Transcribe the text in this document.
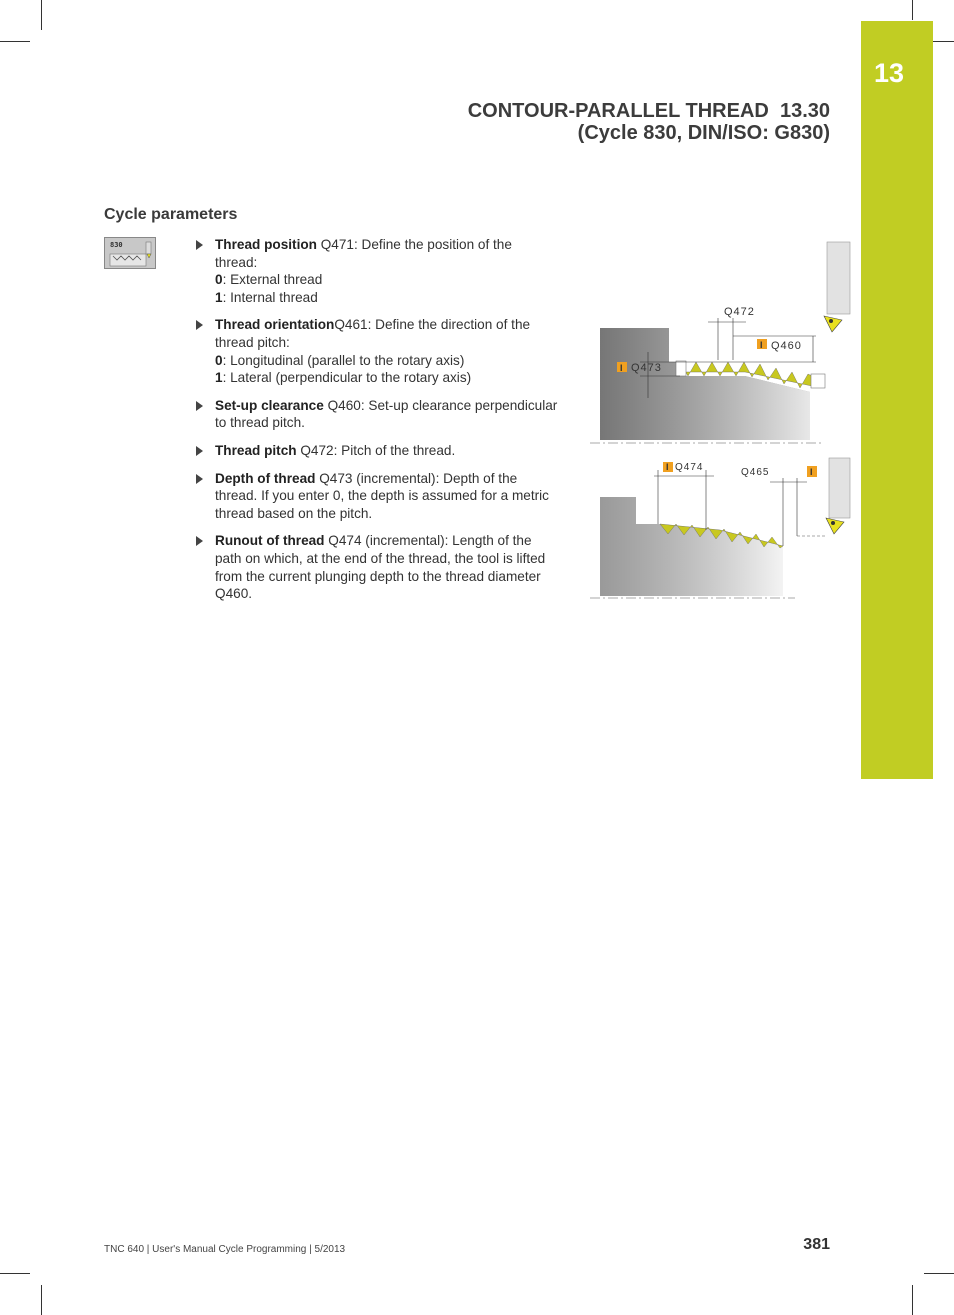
13
CONTOUR-PARALLEL THREAD  13.30
(Cycle 830, DIN/ISO: G830)
Cycle parameters
830	Thread position Q471: Define the position of the thread:
0: External thread
1: Internal thread
Thread orientationQ461: Define the direction of the thread pitch:
0: Longitudinal (parallel to the rotary axis)
1: Lateral (perpendicular to the rotary axis)
Set-up clearance Q460: Set-up clearance perpendicular to thread pitch.
Thread pitch Q472: Pitch of the thread.
Depth of thread Q473 (incremental): Depth of the thread. If you enter 0, the depth is assumed for a metric thread based on the pitch.
Runout of thread Q474 (incremental): Length of the path on which, at the end of the thread, the tool is lifted from the current plunging depth to the thread diameter Q460.
Q472
I Q460
I Q473
I Q474	Q465	I
TNC 640 | User's Manual Cycle Programming | 5/2013	381
